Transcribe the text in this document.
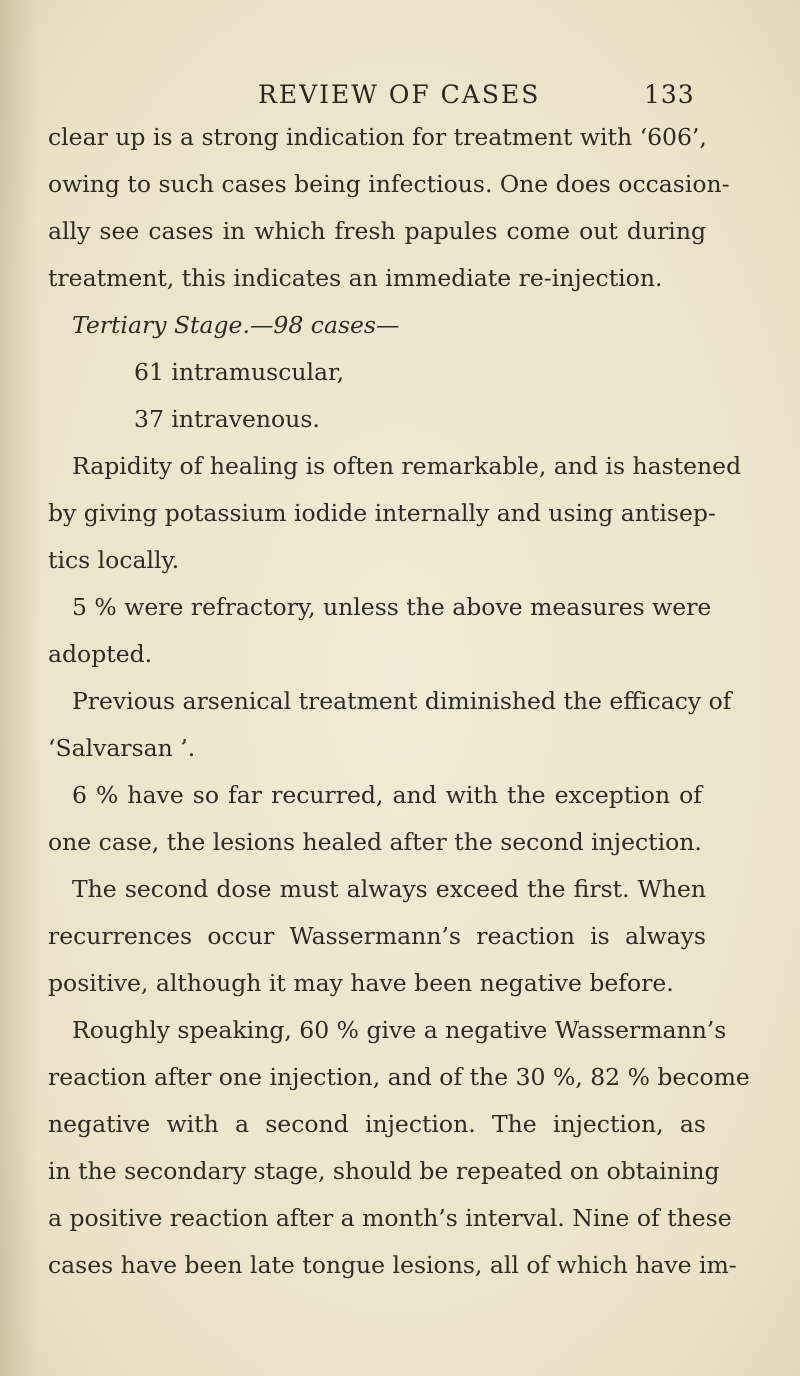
REVIEW OF CASES	133
clear up is a strong indication for treatment with ‘606’,
owing to such cases being infectious. One does occasion-
ally see cases in which fresh papules come out during
treatment, this indicates an immediate re-injection.
Tertiary Stage.—98 cases—
61 intramuscular,
37 intravenous.
Rapidity of healing is often remarkable, and is hastened
by giving potassium iodide internally and using antisep-
tics locally.
5 % were refractory, unless the above measures were
adopted.
Previous arsenical treatment diminished the efficacy of
‘Salvarsan ’.
6 % have so far recurred, and with the exception of
one case, the lesions healed after the second injection.
The second dose must always exceed the first. When
recurrences occur Wassermann’s reaction is always
positive, although it may have been negative before.
Roughly speaking, 60 % give a negative Wassermann’s
reaction after one injection, and of the 30 %, 82 % become
negative with a second injection. The injection, as
in the secondary stage, should be repeated on obtaining
a positive reaction after a month’s interval. Nine of these
cases have been late tongue lesions, all of which have im-
